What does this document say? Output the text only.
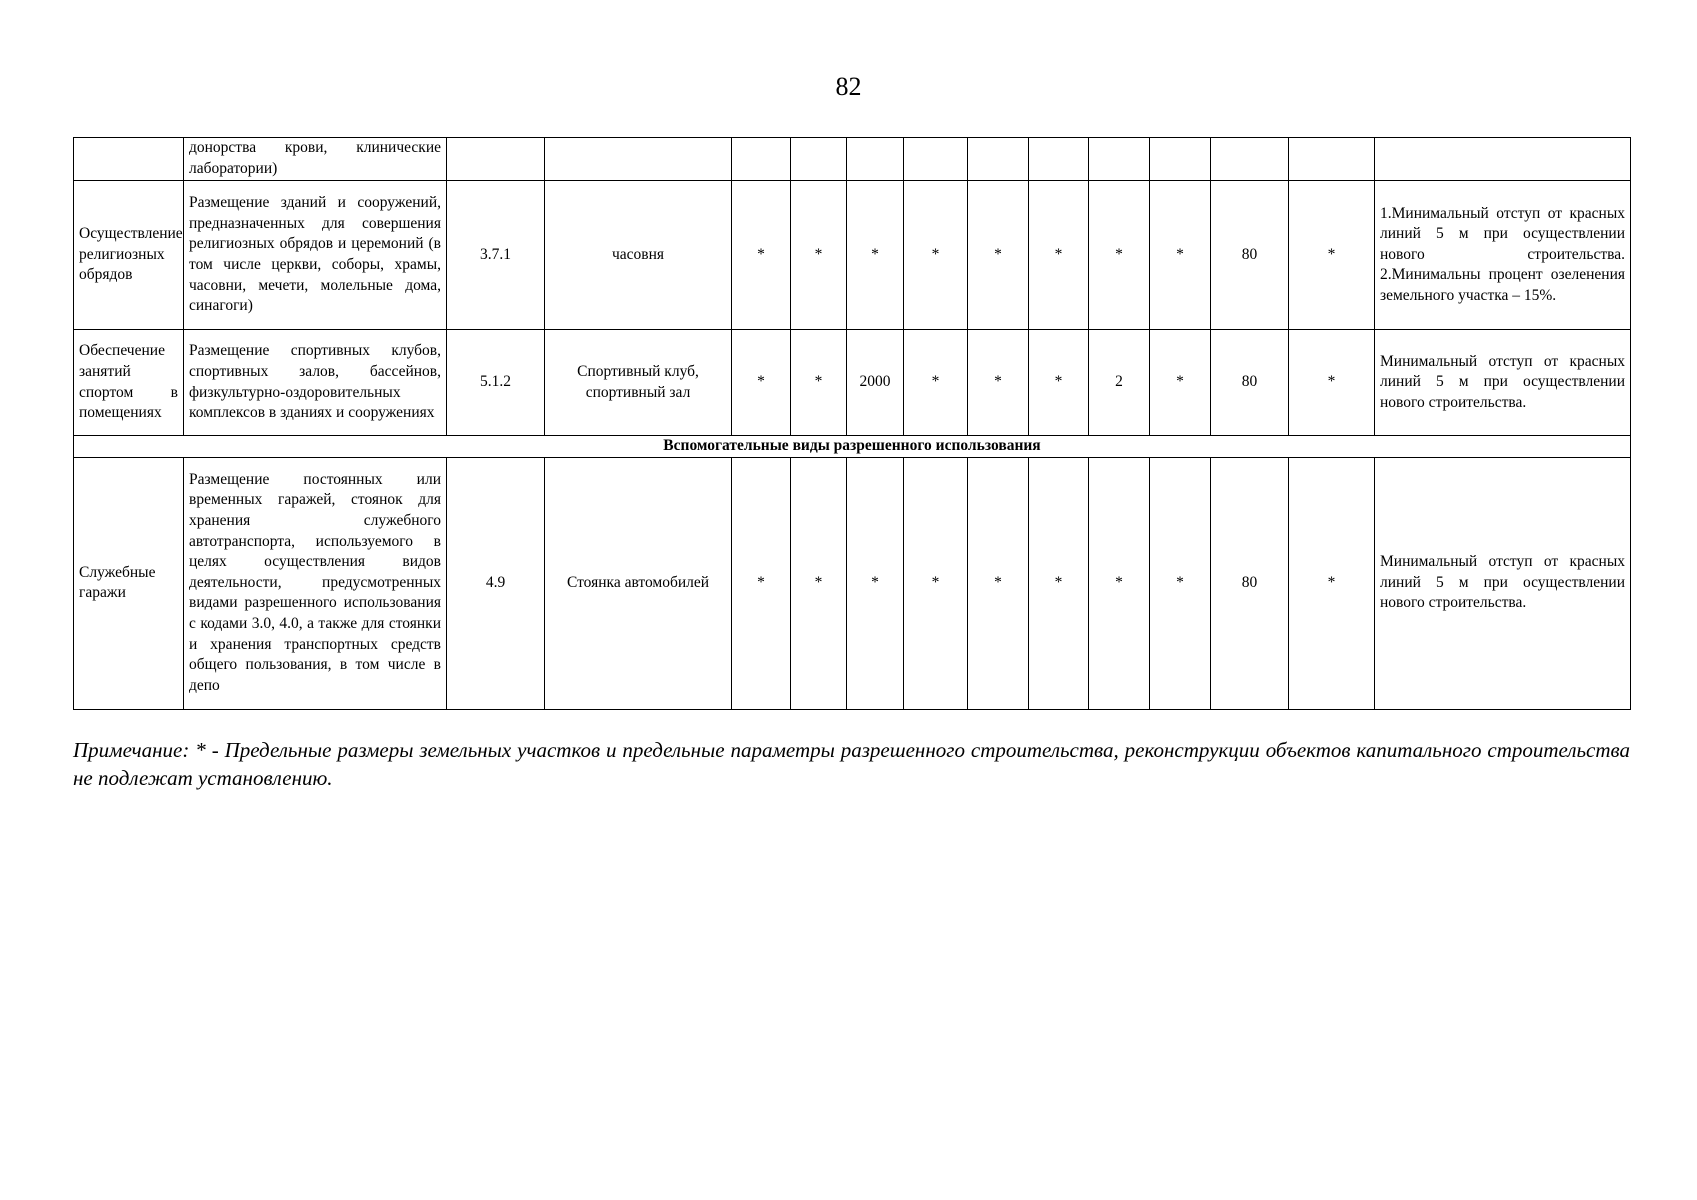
82
	донорства крови, клинические лаборатории)													
Осуществление религиозных обрядов	Размещение зданий и сооружений, предназначенных для совершения религиозных обрядов и церемоний (в том числе церкви, соборы, храмы, часовни, мечети, молельные дома, синагоги)	3.7.1	часовня	*	*	*	*	*	*	*	*	80	*	1.Минимальный отступ от красных линий 5 м при осуществлении нового строительства. 2.Минимальны процент озеленения земельного участка – 15%.
Обеспечение занятий спортом в помещениях	Размещение спортивных клубов, спортивных залов, бассейнов, физкультурно-оздоровительных комплексов в зданиях и сооружениях	5.1.2	Спортивный клуб, спортивный зал	*	*	2000	*	*	*	2	*	80	*	Минимальный отступ от красных линий 5 м при осуществлении нового строительства.
Вспомогательные виды разрешенного использования														
Служебные гаражи	Размещение постоянных или временных гаражей, стоянок для хранения служебного автотранспорта, используемого в целях осуществления видов деятельности, предусмотренных видами разрешенного использования с кодами 3.0, 4.0, а также для стоянки и хранения транспортных средств общего пользования, в том числе в депо	4.9	Стоянка автомобилей	*	*	*	*	*	*	*	*	80	*	Минимальный отступ от красных линий 5 м при осуществлении нового строительства.
Примечание: * - Предельные размеры земельных участков и предельные параметры разрешенного строительства, реконструкции объектов капитального строительства не подлежат установлению.
